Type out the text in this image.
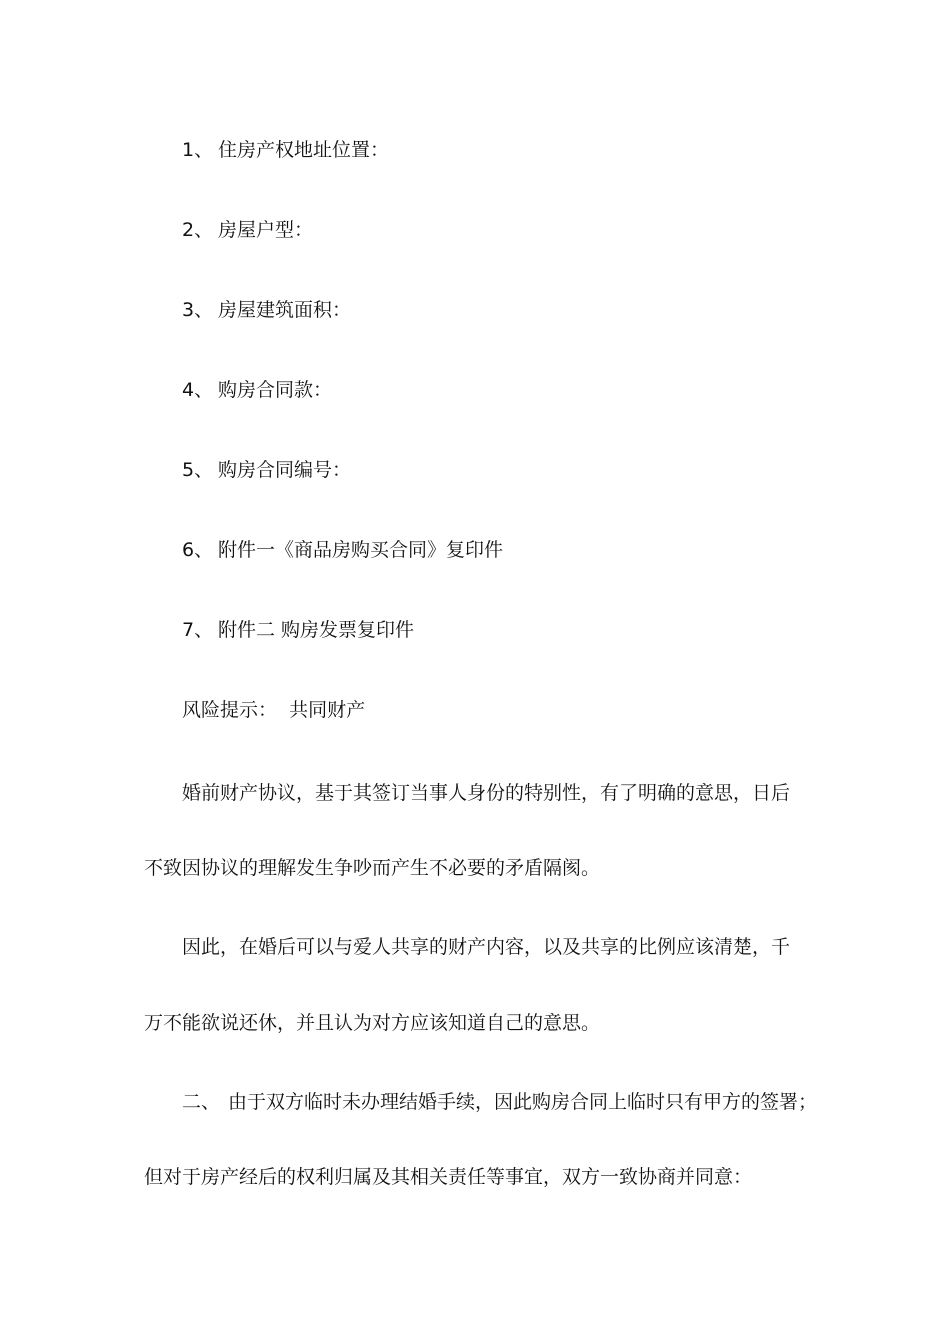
1、 住房产权地址位置：
2、 房屋户型：
3、 房屋建筑面积：
4、 购房合同款：
5、 购房合同编号：
6、 附件一《商品房购买合同》复印件
7、 附件二 购房发票复印件
风险提示： 共同财产
婚前财产协议，基于其签订当事人身份的特别性，有了明确的意思，日后
不致因协议的理解发生争吵而产生不必要的矛盾隔阂。
因此，在婚后可以与爱人共享的财产内容，以及共享的比例应该清楚，千
万不能欲说还休，并且认为对方应该知道自己的意思。
二、 由于双方临时未办理结婚手续，因此购房合同上临时只有甲方的签署；
但对于房产经后的权利归属及其相关责任等事宜，双方一致协商并同意：
